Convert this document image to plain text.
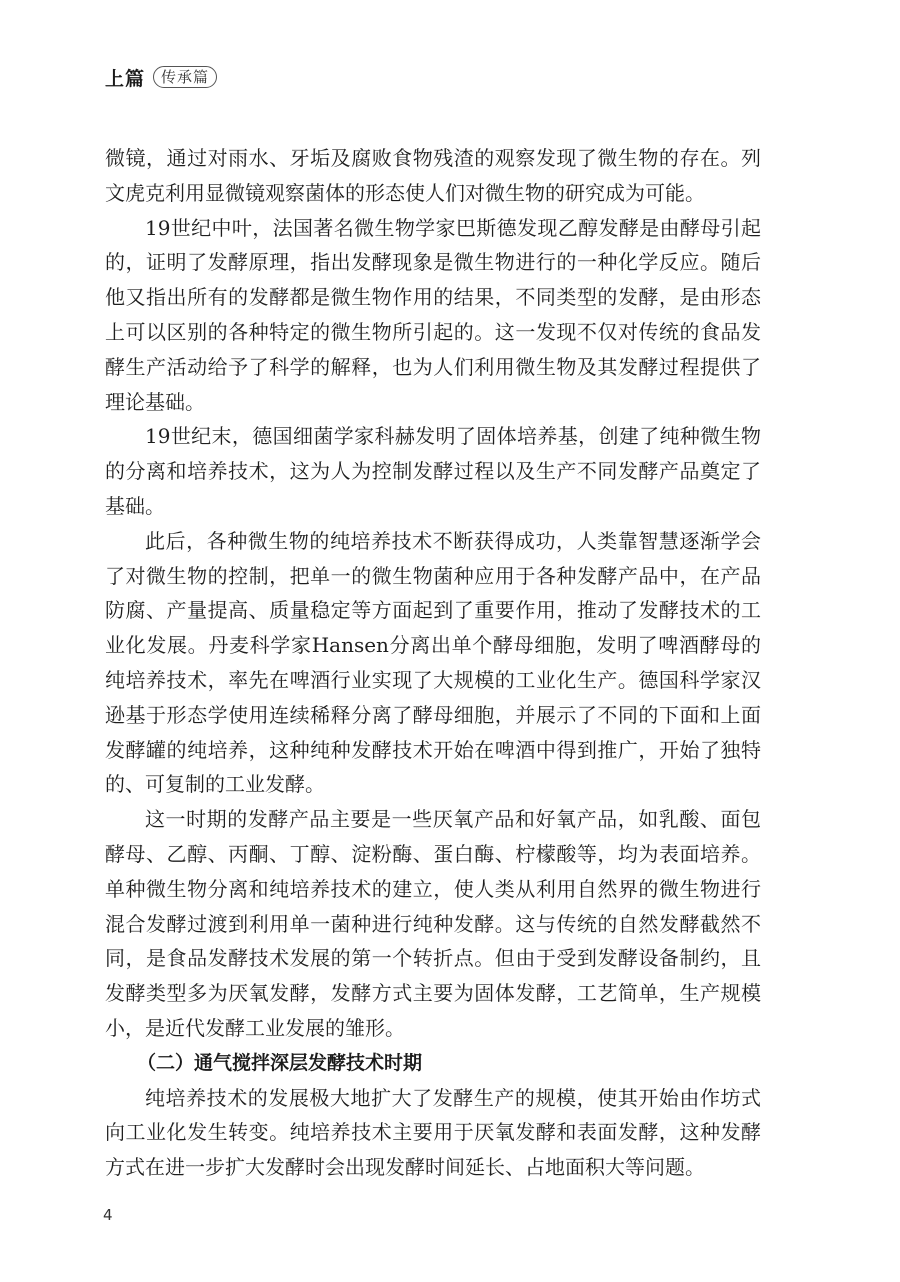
上篇	传承篇

微镜，通过对雨水、牙垢及腐败食物残渣的观察发现了微生物的存在。列文虎克利用显微镜观察菌体的形态使人们对微生物的研究成为可能。

19世纪中叶，法国著名微生物学家巴斯德发现乙醇发酵是由酵母引起的，证明了发酵原理，指出发酵现象是微生物进行的一种化学反应。随后他又指出所有的发酵都是微生物作用的结果，不同类型的发酵，是由形态上可以区别的各种特定的微生物所引起的。这一发现不仅对传统的食品发酵生产活动给予了科学的解释，也为人们利用微生物及其发酵过程提供了理论基础。

19世纪末，德国细菌学家科赫发明了固体培养基，创建了纯种微生物的分离和培养技术，这为人为控制发酵过程以及生产不同发酵产品奠定了基础。

此后，各种微生物的纯培养技术不断获得成功，人类靠智慧逐渐学会了对微生物的控制，把单一的微生物菌种应用于各种发酵产品中，在产品防腐、产量提高、质量稳定等方面起到了重要作用，推动了发酵技术的工业化发展。丹麦科学家Hansen分离出单个酵母细胞，发明了啤酒酵母的纯培养技术，率先在啤酒行业实现了大规模的工业化生产。德国科学家汉逊基于形态学使用连续稀释分离了酵母细胞，并展示了不同的下面和上面发酵罐的纯培养，这种纯种发酵技术开始在啤酒中得到推广，开始了独特的、可复制的工业发酵。

这一时期的发酵产品主要是一些厌氧产品和好氧产品，如乳酸、面包酵母、乙醇、丙酮、丁醇、淀粉酶、蛋白酶、柠檬酸等，均为表面培养。单种微生物分离和纯培养技术的建立，使人类从利用自然界的微生物进行混合发酵过渡到利用单一菌种进行纯种发酵。这与传统的自然发酵截然不同，是食品发酵技术发展的第一个转折点。但由于受到发酵设备制约，且发酵类型多为厌氧发酵，发酵方式主要为固体发酵，工艺简单，生产规模小，是近代发酵工业发展的雏形。

（二）通气搅拌深层发酵技术时期

纯培养技术的发展极大地扩大了发酵生产的规模，使其开始由作坊式向工业化发生转变。纯培养技术主要用于厌氧发酵和表面发酵，这种发酵方式在进一步扩大发酵时会出现发酵时间延长、占地面积大等问题。

4
